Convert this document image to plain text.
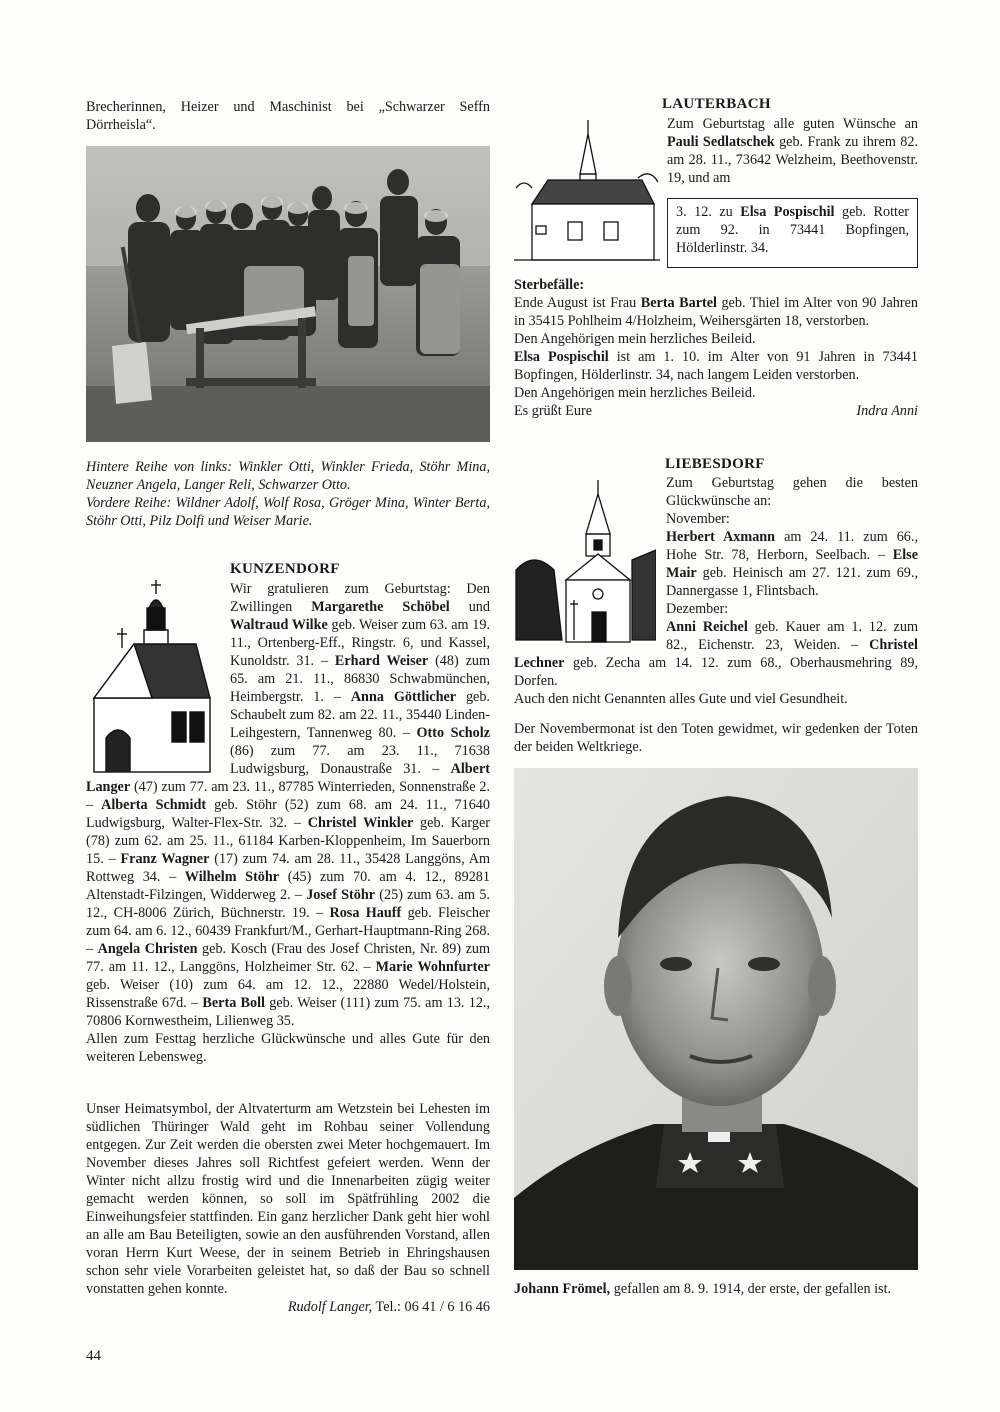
Brecherinnen, Heizer und Maschinist bei „Schwarzer Seffn Dörrheisla“.
Hintere Reihe von links: Winkler Otti, Winkler Frieda, Stöhr Mina, Neuzner Angela, Langer Reli, Schwarzer Otto.
Vordere Reihe: Wildner Adolf, Wolf Rosa, Gröger Mina, Winter Berta, Stöhr Otti, Pilz Dolfi und Weiser Marie.
KUNZENDORF
Wir gratulieren zum Geburtstag: Den Zwillingen Margarethe Schöbel und Waltraud Wilke geb. Weiser zum 63. am 19. 11., Ortenberg-Eff., Ringstr. 6, und Kassel, Kunoldstr. 31. – Erhard Weiser (48) zum 65. am 21. 11., 86830 Schwabmünchen, Heimbergstr. 1. – Anna Göttlicher geb. Schaubelt zum 82. am 22. 11., 35440 Linden-Leihgestern, Tannenweg 80. – Otto Scholz (86) zum 77. am 23. 11., 71638 Ludwigsburg, Donaustraße 31. – Albert Langer (47) zum 77. am 23. 11., 87785 Winterrieden, Sonnenstraße 2. – Alberta Schmidt geb. Stöhr (52) zum 68. am 24. 11., 71640 Ludwigsburg, Walter-Flex-Str. 32. – Christel Winkler geb. Karger (78) zum 62. am 25. 11., 61184 Karben-Kloppenheim, Im Sauerborn 15. – Franz Wagner (17) zum 74. am 28. 11., 35428 Langgöns, Am Rottweg 34. – Wilhelm Stöhr (45) zum 70. am 4. 12., 89281 Altenstadt-Filzingen, Widderweg 2. – Josef Stöhr (25) zum 63. am 5. 12., CH-8006 Zürich, Büchnerstr. 19. – Rosa Hauff geb. Fleischer zum 64. am 6. 12., 60439 Frankfurt/M., Gerhart-Hauptmann-Ring 268. – Angela Christen geb. Kosch (Frau des Josef Christen, Nr. 89) zum 77. am 11. 12., Langgöns, Holzheimer Str. 62. – Marie Wohnfurter geb. Weiser (10) zum 64. am 12. 12., 22880 Wedel/Holstein, Rissenstraße 67d. – Berta Boll geb. Weiser (111) zum 75. am 13. 12., 70806 Kornwestheim, Lilienweg 35.
Allen zum Festtag herzliche Glückwünsche und alles Gute für den weiteren Lebensweg.
Unser Heimatsymbol, der Altvaterturm am Wetzstein bei Lehesten im südlichen Thüringer Wald geht im Rohbau seiner Vollendung entgegen. Zur Zeit werden die obersten zwei Meter hochgemauert. Im November dieses Jahres soll Richtfest gefeiert werden. Wenn der Winter nicht allzu frostig wird und die Innenarbeiten zügig weiter gemacht werden können, so soll im Spätfrühling 2002 die Einweihungsfeier stattfinden. Ein ganz herzlicher Dank geht hier wohl an alle am Bau Beteiligten, sowie an den ausführenden Vorstand, allen voran Herrn Kurt Weese, der in seinem Betrieb in Ehringshausen schon sehr viele Vorarbeiten geleistet hat, so daß der Bau so schnell vonstatten gehen konnte.
Rudolf Langer, Tel.: 06 41 / 6 16 46
LAUTERBACH
Zum Geburtstag alle guten Wünsche an Pauli Sedlatschek geb. Frank zu ihrem 82. am 28. 11., 73642 Welzheim, Beethovenstr. 19, und am
3. 12. zu Elsa Pospischil geb. Rotter zum 92. in 73441 Bopfingen, Hölderlinstr. 34.
Sterbefälle:
Ende August ist Frau Berta Bartel geb. Thiel im Alter von 90 Jahren in 35415 Pohlheim 4/Holzheim, Weihersgärten 18, verstorben.
Den Angehörigen mein herzliches Beileid.
Elsa Pospischil ist am 1. 10. im Alter von 91 Jahren in 73441 Bopfingen, Hölderlinstr. 34, nach langem Leiden verstorben.
Den Angehörigen mein herzliches Beileid.
Es grüßt Eure	Indra Anni
LIEBESDORF
Zum Geburtstag gehen die besten Glückwünsche an:
November:
Herbert Axmann am 24. 11. zum 66., Hohe Str. 78, Herborn, Seelbach. – Else Mair geb. Heinisch am 27. 121. zum 69., Dannergasse 1, Flintsbach.
Dezember:
Anni Reichel geb. Kauer am 1. 12. zum 82., Eichenstr. 23, Weiden. – Christel Lechner geb. Zecha am 14. 12. zum 68., Oberhausmehring 89, Dorfen.
Auch den nicht Genannten alles Gute und viel Gesundheit.
Der Novembermonat ist den Toten gewidmet, wir gedenken der Toten der beiden Weltkriege.
Johann Frömel, gefallen am 8. 9. 1914, der erste, der gefallen ist.
44
